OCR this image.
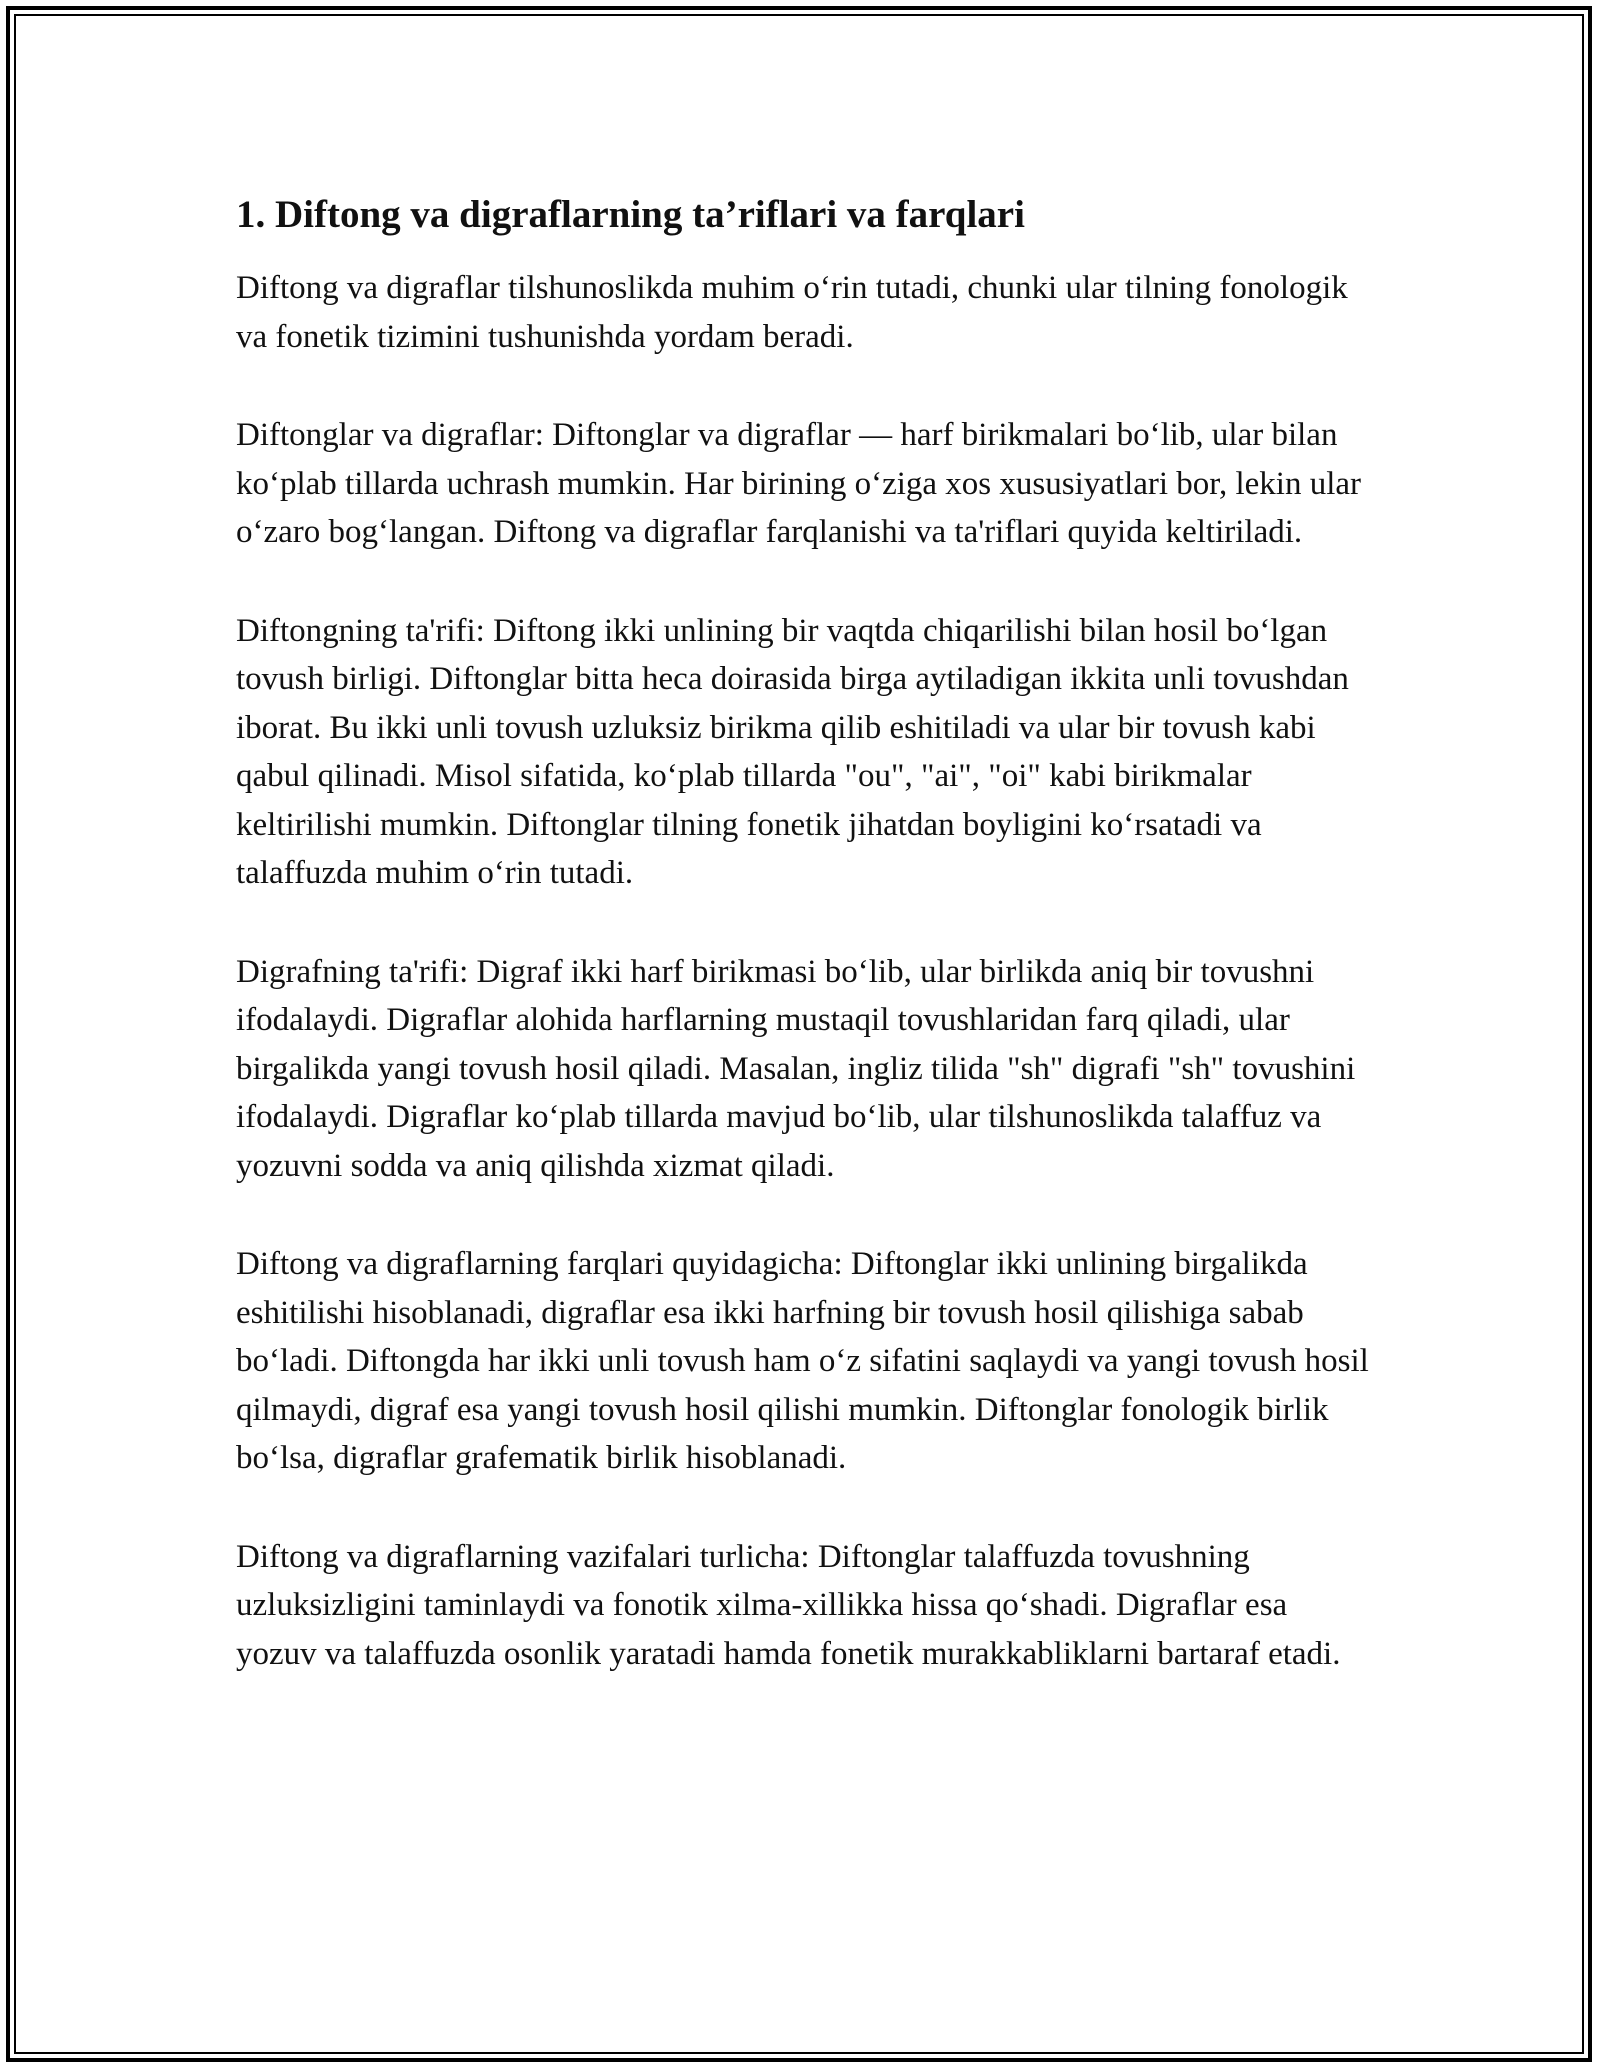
1. Diftong va digraflarning ta’riflari va farqlari

Diftong va digraflar tilshunoslikda muhim o‘rin tutadi, chunki ular tilning fonologik va fonetik tizimini tushunishda yordam beradi.

Diftonglar va digraflar: Diftonglar va digraflar — harf birikmalari bo‘lib, ular bilan ko‘plab tillarda uchrash mumkin. Har birining o‘ziga xos xususiyatlari bor, lekin ular o‘zaro bog‘langan. Diftong va digraflar farqlanishi va ta'riflari quyida keltiriladi.

Diftongning ta'rifi: Diftong ikki unlining bir vaqtda chiqarilishi bilan hosil bo‘lgan tovush birligi. Diftonglar bitta heca doirasida birga aytiladigan ikkita unli tovushdan iborat. Bu ikki unli tovush uzluksiz birikma qilib eshitiladi va ular bir tovush kabi qabul qilinadi. Misol sifatida, ko‘plab tillarda "ou", "ai", "oi" kabi birikmalar keltirilishi mumkin. Diftonglar tilning fonetik jihatdan boyligini ko‘rsatadi va talaffuzda muhim o‘rin tutadi.

Digrafning ta'rifi: Digraf ikki harf birikmasi bo‘lib, ular birlikda aniq bir tovushni ifodalaydi. Digraflar alohida harflarning mustaqil tovushlaridan farq qiladi, ular birgalikda yangi tovush hosil qiladi. Masalan, ingliz tilida "sh" digrafi "sh" tovushini ifodalaydi. Digraflar ko‘plab tillarda mavjud bo‘lib, ular tilshunoslikda talaffuz va yozuvni sodda va aniq qilishda xizmat qiladi.

Diftong va digraflarning farqlari quyidagicha: Diftonglar ikki unlining birgalikda eshitilishi hisoblanadi, digraflar esa ikki harfning bir tovush hosil qilishiga sabab bo‘ladi. Diftongda har ikki unli tovush ham o‘z sifatini saqlaydi va yangi tovush hosil qilmaydi, digraf esa yangi tovush hosil qilishi mumkin. Diftonglar fonologik birlik bo‘lsa, digraflar grafematik birlik hisoblanadi.

Diftong va digraflarning vazifalari turlicha: Diftonglar talaffuzda tovushning uzluksizligini taminlaydi va fonotik xilma-xillikka hissa qo‘shadi. Digraflar esa yozuv va talaffuzda osonlik yaratadi hamda fonetik murakkabliklarni bartaraf etadi.
